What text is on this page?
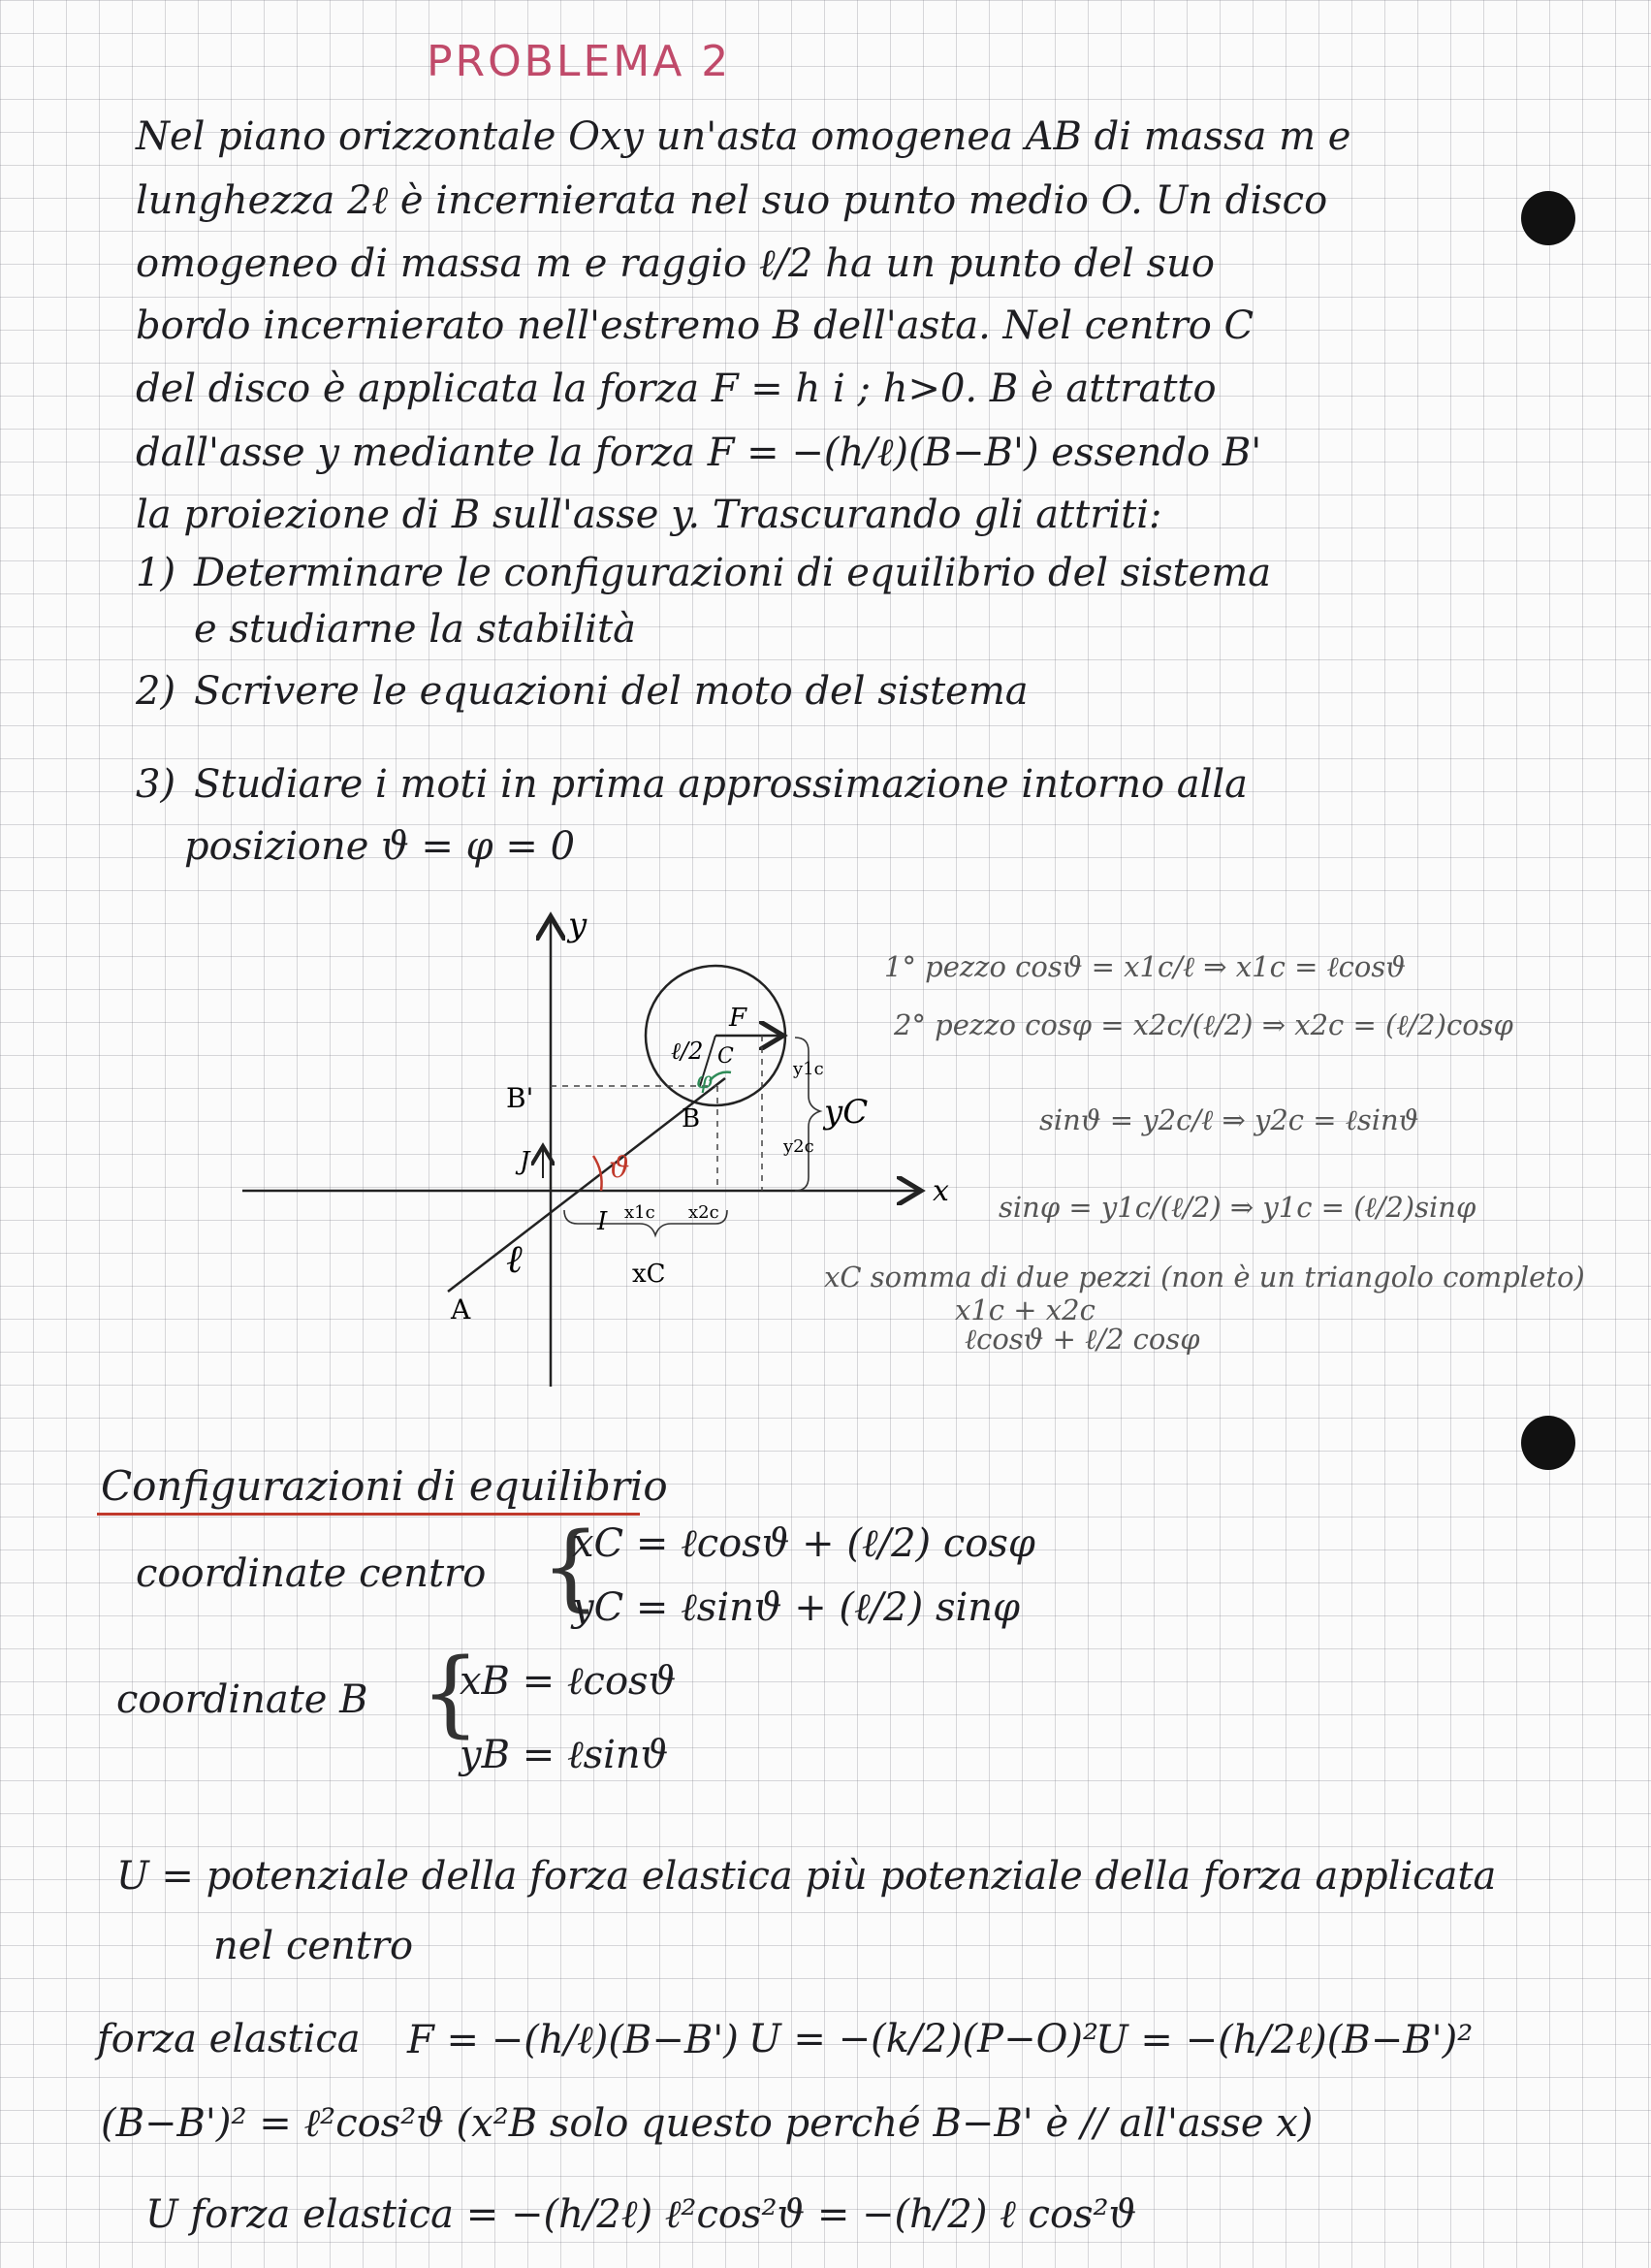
PROBLEMA 2
Nel piano orizzontale Oxy un'asta omogenea AB di massa m e
lunghezza 2ℓ è incernierata nel suo punto medio O. Un disco
omogeneo di massa m e raggio ℓ/2 ha un punto del suo
bordo incernierato nell'estremo B dell'asta. Nel centro C
del disco è applicata la forza F = h i ; h>0. B è attratto
dall'asse y mediante la forza F = −(h/ℓ)(B−B') essendo B'
la proiezione di B sull'asse y. Trascurando gli attriti:
1) Determinare le configurazioni di equilibrio del sistema
e studiarne la stabilità
2) Scrivere le equazioni del moto del sistema
3) Studiare i moti in prima approssimazione intorno alla
posizione ϑ = φ = 0
y
x
A
B
B'
C
F
ℓ/2
ℓ
ϑ
φ
J
I x1c x2c
xC
yC
y2c
y1c
1° pezzo cosϑ = x1c/ℓ ⇒ x1c = ℓcosϑ
2° pezzo cosφ = x2c/(ℓ/2) ⇒ x2c = (ℓ/2)cosφ
sinϑ = y2c/ℓ ⇒ y2c = ℓsinϑ
sinφ = y1c/(ℓ/2) ⇒ y1c = (ℓ/2)sinφ
xC somma di due pezzi (non è un triangolo completo)
x1c + x2c
ℓcosϑ + ℓ/2 cosφ
Configurazioni di equilibrio
coordinate centro {
xC = ℓcosϑ + (ℓ/2) cosφ
yC = ℓsinϑ + (ℓ/2) sinφ
coordinate B {
xB = ℓcosϑ
yB = ℓsinϑ
U = potenziale della forza elastica più potenziale della forza applicata
nel centro
forza elastica F = −(h/ℓ)(B−B') U = −(k/2)(P−O)²
U = −(h/2ℓ)(B−B')²
(B−B')² = ℓ²cos²ϑ (x²B solo questo perché B−B' è // all'asse x)
U forza elastica = −(h/2ℓ) ℓ²cos²ϑ = −(h/2) ℓ cos²ϑ
